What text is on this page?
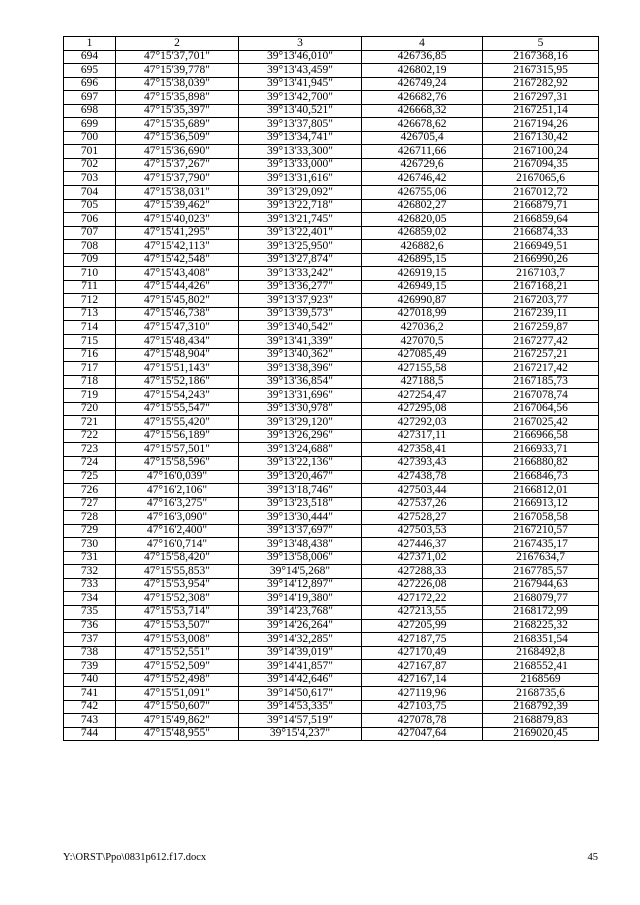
1	2	3	4	5
694	47°15'37,701"	39°13'46,010"	426736,85	2167368,16
695	47°15'39,778"	39°13'43,459"	426802,19	2167315,95
696	47°15'38,039"	39°13'41,945"	426749,24	2167282,92
697	47°15'35,898"	39°13'42,700"	426682,76	2167297,31
698	47°15'35,397"	39°13'40,521"	426668,32	2167251,14
699	47°15'35,689"	39°13'37,805"	426678,62	2167194,26
700	47°15'36,509"	39°13'34,741"	426705,4	2167130,42
701	47°15'36,690"	39°13'33,300"	426711,66	2167100,24
702	47°15'37,267"	39°13'33,000"	426729,6	2167094,35
703	47°15'37,790"	39°13'31,616"	426746,42	2167065,6
704	47°15'38,031"	39°13'29,092"	426755,06	2167012,72
705	47°15'39,462"	39°13'22,718"	426802,27	2166879,71
706	47°15'40,023"	39°13'21,745"	426820,05	2166859,64
707	47°15'41,295"	39°13'22,401"	426859,02	2166874,33
708	47°15'42,113"	39°13'25,950"	426882,6	2166949,51
709	47°15'42,548"	39°13'27,874"	426895,15	2166990,26
710	47°15'43,408"	39°13'33,242"	426919,15	2167103,7
711	47°15'44,426"	39°13'36,277"	426949,15	2167168,21
712	47°15'45,802"	39°13'37,923"	426990,87	2167203,77
713	47°15'46,738"	39°13'39,573"	427018,99	2167239,11
714	47°15'47,310"	39°13'40,542"	427036,2	2167259,87
715	47°15'48,434"	39°13'41,339"	427070,5	2167277,42
716	47°15'48,904"	39°13'40,362"	427085,49	2167257,21
717	47°15'51,143"	39°13'38,396"	427155,58	2167217,42
718	47°15'52,186"	39°13'36,854"	427188,5	2167185,73
719	47°15'54,243"	39°13'31,696"	427254,47	2167078,74
720	47°15'55,547"	39°13'30,978"	427295,08	2167064,56
721	47°15'55,420"	39°13'29,120"	427292,03	2167025,42
722	47°15'56,189"	39°13'26,296"	427317,11	2166966,58
723	47°15'57,501"	39°13'24,688"	427358,41	2166933,71
724	47°15'58,596"	39°13'22,136"	427393,43	2166880,82
725	47°16'0,039"	39°13'20,467"	427438,78	2166846,73
726	47°16'2,106"	39°13'18,746"	427503,44	2166812,01
727	47°16'3,275"	39°13'23,518"	427537,26	2166913,12
728	47°16'3,090"	39°13'30,444"	427528,27	2167058,58
729	47°16'2,400"	39°13'37,697"	427503,53	2167210,57
730	47°16'0,714"	39°13'48,438"	427446,37	2167435,17
731	47°15'58,420"	39°13'58,006"	427371,02	2167634,7
732	47°15'55,853"	39°14'5,268"	427288,33	2167785,57
733	47°15'53,954"	39°14'12,897"	427226,08	2167944,63
734	47°15'52,308"	39°14'19,380"	427172,22	2168079,77
735	47°15'53,714"	39°14'23,768"	427213,55	2168172,99
736	47°15'53,507"	39°14'26,264"	427205,99	2168225,32
737	47°15'53,008"	39°14'32,285"	427187,75	2168351,54
738	47°15'52,551"	39°14'39,019"	427170,49	2168492,8
739	47°15'52,509"	39°14'41,857"	427167,87	2168552,41
740	47°15'52,498"	39°14'42,646"	427167,14	2168569
741	47°15'51,091"	39°14'50,617"	427119,96	2168735,6
742	47°15'50,607"	39°14'53,335"	427103,75	2168792,39
743	47°15'49,862"	39°14'57,519"	427078,78	2168879,83
744	47°15'48,955"	39°15'4,237"	427047,64	2169020,45
Y:\ORST\Ppo\0831p612.f17.docx	45
